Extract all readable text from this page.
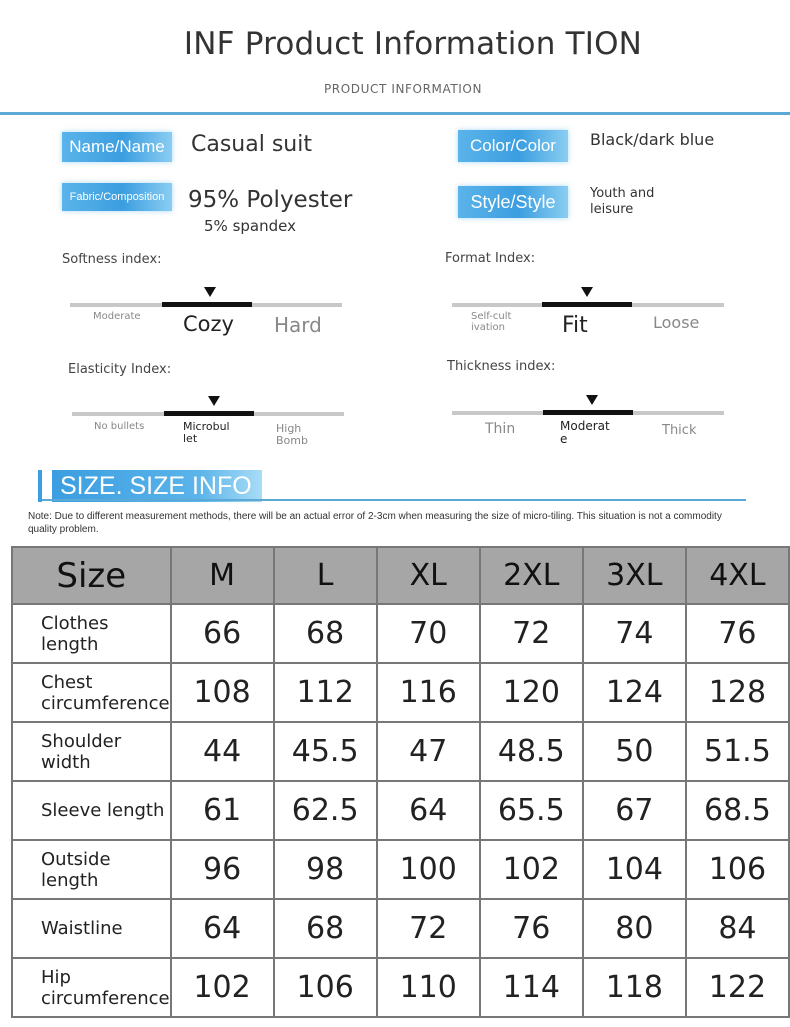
INF Product Information TION
PRODUCT INFORMATION
Name/Name	Casual suit	Color/Color	Black/dark blue
Fabric/Composition	95% Polyester
5% spandex
Style/Style	Youth and
leisure
Softness index:
Moderate Cozy Hard
Format Index:
Self-cult ivation	Fit	Loose
Elasticity Index:
No bullets	Microbul let
High Bomb
Thickness index:
Thin	Moderat e
Thick
SIZE. SIZE INFO
Note: Due to different measurement methods, there will be an actual error of 2-3cm when measuring the size of micro-tiling. This situation is not a commodity quality problem.
Size	M	L	XL	2XL	3XL	4XL
Clothes length	66	68	70	72	74	76
Chest circumference	108	112	116	120	124	128
Shoulder width	44	45.5	47	48.5	50	51.5
Sleeve length	61	62.5	64	65.5	67	68.5
Outside length	96	98	100	102	104	106
Waistline	64	68	72	76	80	84
Hip circumference	102	106	110	114	118	122
